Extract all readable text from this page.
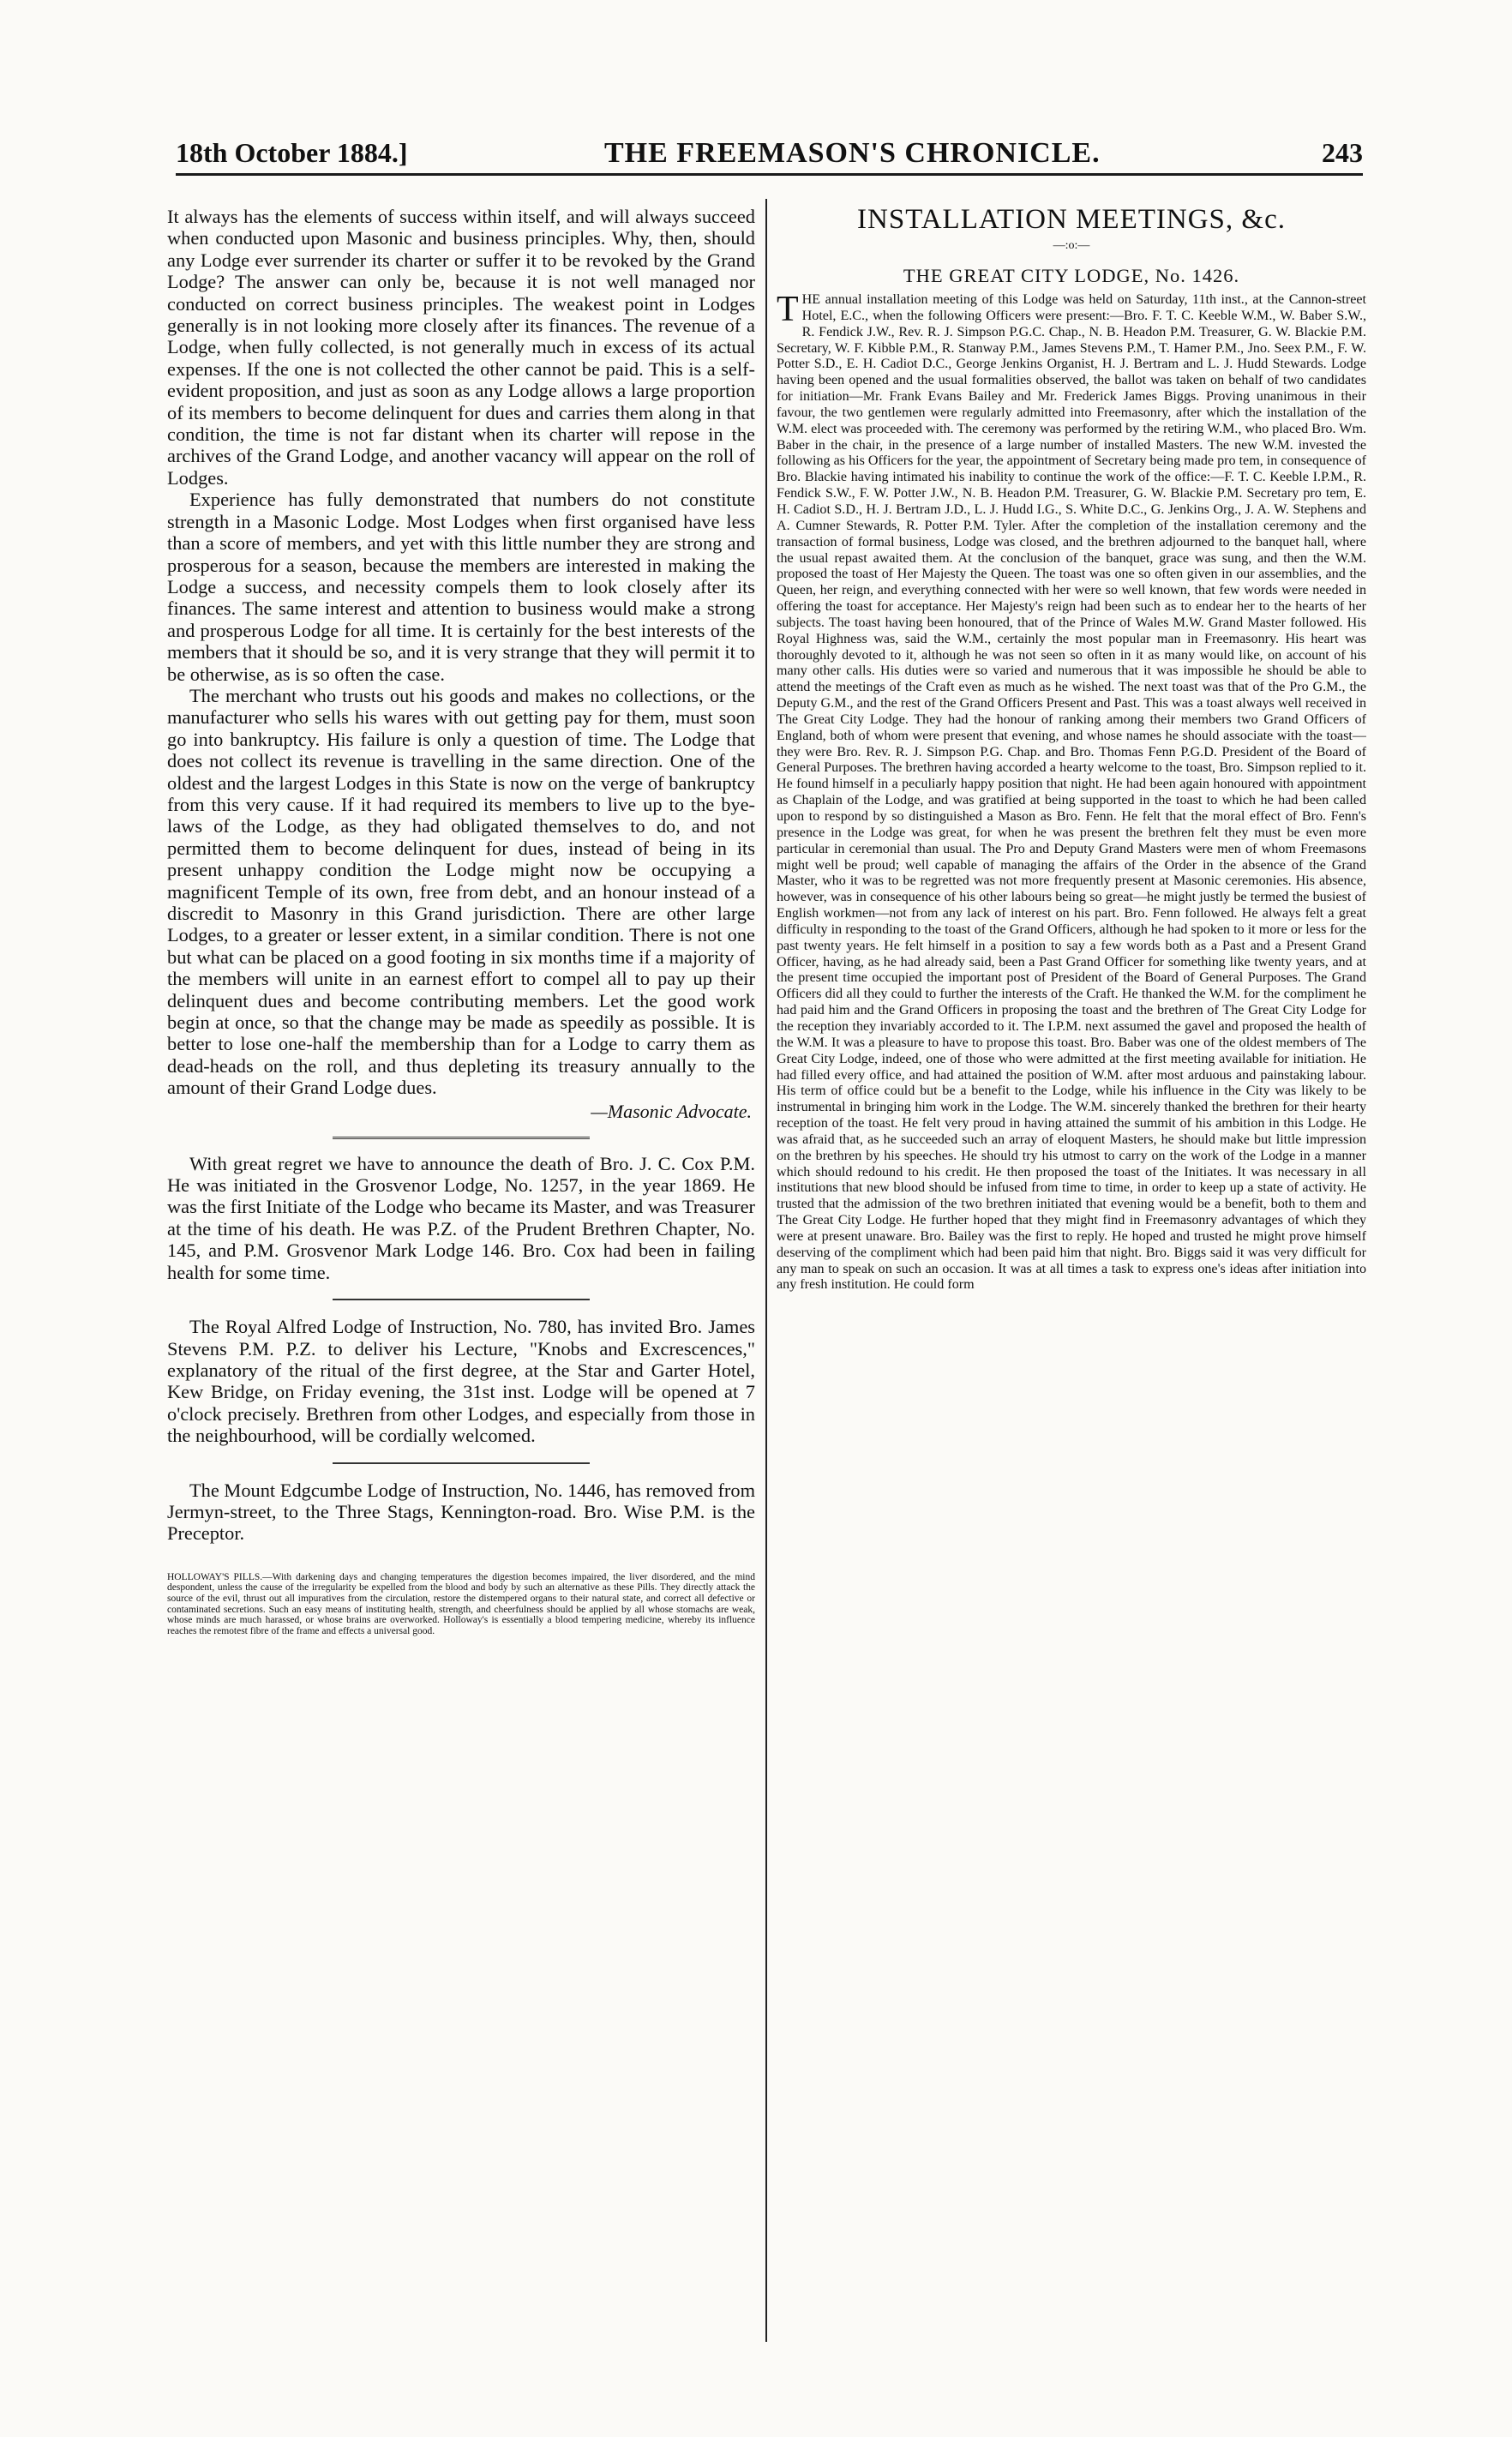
18th October 1884.]	THE FREEMASON'S CHRONICLE.	243

It always has the elements of success within itself, and will always succeed when conducted upon Masonic and business principles. Why, then, should any Lodge ever surrender its charter or suffer it to be revoked by the Grand Lodge? The answer can only be, because it is not well managed nor conducted on correct business principles. The weakest point in Lodges generally is in not looking more closely after its finances. The revenue of a Lodge, when fully collected, is not generally much in excess of its actual expenses. If the one is not collected the other cannot be paid. This is a self-evident proposition, and just as soon as any Lodge allows a large proportion of its members to become delinquent for dues and carries them along in that condition, the time is not far distant when its charter will repose in the archives of the Grand Lodge, and another vacancy will appear on the roll of Lodges.

Experience has fully demonstrated that numbers do not constitute strength in a Masonic Lodge. Most Lodges when first organised have less than a score of members, and yet with this little number they are strong and prosperous for a season, because the members are interested in making the Lodge a success, and necessity compels them to look closely after its finances. The same interest and attention to business would make a strong and prosperous Lodge for all time. It is certainly for the best interests of the members that it should be so, and it is very strange that they will permit it to be otherwise, as is so often the case.

The merchant who trusts out his goods and makes no collections, or the manufacturer who sells his wares with out getting pay for them, must soon go into bankruptcy. His failure is only a question of time. The Lodge that does not collect its revenue is travelling in the same direction. One of the oldest and the largest Lodges in this State is now on the verge of bankruptcy from this very cause. If it had required its members to live up to the bye-laws of the Lodge, as they had obligated themselves to do, and not permitted them to become delinquent for dues, instead of being in its present unhappy condition the Lodge might now be occupying a magnificent Temple of its own, free from debt, and an honour instead of a discredit to Masonry in this Grand jurisdiction. There are other large Lodges, to a greater or lesser extent, in a similar condition. There is not one but what can be placed on a good footing in six months time if a majority of the members will unite in an earnest effort to compel all to pay up their delinquent dues and become contributing members. Let the good work begin at once, so that the change may be made as speedily as possible. It is better to lose one-half the membership than for a Lodge to carry them as dead-heads on the roll, and thus depleting its treasury annually to the amount of their Grand Lodge dues.

—Masonic Advocate.

With great regret we have to announce the death of Bro. J. C. Cox P.M. He was initiated in the Grosvenor Lodge, No. 1257, in the year 1869. He was the first Initiate of the Lodge who became its Master, and was Treasurer at the time of his death. He was P.Z. of the Prudent Brethren Chapter, No. 145, and P.M. Grosvenor Mark Lodge 146. Bro. Cox had been in failing health for some time.

The Royal Alfred Lodge of Instruction, No. 780, has invited Bro. James Stevens P.M. P.Z. to deliver his Lecture, "Knobs and Excrescences," explanatory of the ritual of the first degree, at the Star and Garter Hotel, Kew Bridge, on Friday evening, the 31st inst. Lodge will be opened at 7 o'clock precisely. Brethren from other Lodges, and especially from those in the neighbourhood, will be cordially welcomed.

The Mount Edgcumbe Lodge of Instruction, No. 1446, has removed from Jermyn-street, to the Three Stags, Kennington-road. Bro. Wise P.M. is the Preceptor.

HOLLOWAY'S PILLS.—With darkening days and changing temperatures the digestion becomes impaired, the liver disordered, and the mind despondent, unless the cause of the irregularity be expelled from the blood and body by such an alternative as these Pills. They directly attack the source of the evil, thrust out all impuratives from the circulation, restore the distempered organs to their natural state, and correct all defective or contaminated secretions. Such an easy means of instituting health, strength, and cheerfulness should be applied by all whose stomachs are weak, whose minds are much harassed, or whose brains are overworked. Holloway's is essentially a blood tempering medicine, whereby its influence reaches the remotest fibre of the frame and effects a universal good.

INSTALLATION MEETINGS, &c.
—:o:—
THE GREAT CITY LODGE, No. 1426.

THE annual installation meeting of this Lodge was held on Saturday, 11th inst., at the Cannon-street Hotel, E.C., when the following Officers were present:—Bro. F. T. C. Keeble W.M., W. Baber S.W., R. Fendick J.W., Rev. R. J. Simpson P.G.C. Chap., N. B. Headon P.M. Treasurer, G. W. Blackie P.M. Secretary, W. F. Kibble P.M., R. Stanway P.M., James Stevens P.M., T. Hamer P.M., Jno. Seex P.M., F. W. Potter S.D., E. H. Cadiot D.C., George Jenkins Organist, H. J. Bertram and L. J. Hudd Stewards. Lodge having been opened and the usual formalities observed, the ballot was taken on behalf of two candidates for initiation—Mr. Frank Evans Bailey and Mr. Frederick James Biggs. Proving unanimous in their favour, the two gentlemen were regularly admitted into Freemasonry, after which the installation of the W.M. elect was proceeded with. The ceremony was performed by the retiring W.M., who placed Bro. Wm. Baber in the chair, in the presence of a large number of installed Masters. The new W.M. invested the following as his Officers for the year, the appointment of Secretary being made pro tem, in consequence of Bro. Blackie having intimated his inability to continue the work of the office:—F. T. C. Keeble I.P.M., R. Fendick S.W., F. W. Potter J.W., N. B. Headon P.M. Treasurer, G. W. Blackie P.M. Secretary pro tem, E. H. Cadiot S.D., H. J. Bertram J.D., L. J. Hudd I.G., S. White D.C., G. Jenkins Org., J. A. W. Stephens and A. Cumner Stewards, R. Potter P.M. Tyler. After the completion of the installation ceremony and the transaction of formal business, Lodge was closed, and the brethren adjourned to the banquet hall, where the usual repast awaited them. At the conclusion of the banquet, grace was sung, and then the W.M. proposed the toast of Her Majesty the Queen. The toast was one so often given in our assemblies, and the Queen, her reign, and everything connected with her were so well known, that few words were needed in offering the toast for acceptance. Her Majesty's reign had been such as to endear her to the hearts of her subjects. The toast having been honoured, that of the Prince of Wales M.W. Grand Master followed. His Royal Highness was, said the W.M., certainly the most popular man in Freemasonry. His heart was thoroughly devoted to it, although he was not seen so often in it as many would like, on account of his many other calls. His duties were so varied and numerous that it was impossible he should be able to attend the meetings of the Craft even as much as he wished. The next toast was that of the Pro G.M., the Deputy G.M., and the rest of the Grand Officers Present and Past. This was a toast always well received in The Great City Lodge. They had the honour of ranking among their members two Grand Officers of England, both of whom were present that evening, and whose names he should associate with the toast—they were Bro. Rev. R. J. Simpson P.G. Chap. and Bro. Thomas Fenn P.G.D. President of the Board of General Purposes. The brethren having accorded a hearty welcome to the toast, Bro. Simpson replied to it. He found himself in a peculiarly happy position that night. He had been again honoured with appointment as Chaplain of the Lodge, and was gratified at being supported in the toast to which he had been called upon to respond by so distinguished a Mason as Bro. Fenn. He felt that the moral effect of Bro. Fenn's presence in the Lodge was great, for when he was present the brethren felt they must be even more particular in ceremonial than usual. The Pro and Deputy Grand Masters were men of whom Freemasons might well be proud; well capable of managing the affairs of the Order in the absence of the Grand Master, who it was to be regretted was not more frequently present at Masonic ceremonies. His absence, however, was in consequence of his other labours being so great—he might justly be termed the busiest of English workmen—not from any lack of interest on his part. Bro. Fenn followed. He always felt a great difficulty in responding to the toast of the Grand Officers, although he had spoken to it more or less for the past twenty years. He felt himself in a position to say a few words both as a Past and a Present Grand Officer, having, as he had already said, been a Past Grand Officer for something like twenty years, and at the present time occupied the important post of President of the Board of General Purposes. The Grand Officers did all they could to further the interests of the Craft. He thanked the W.M. for the compliment he had paid him and the Grand Officers in proposing the toast and the brethren of The Great City Lodge for the reception they invariably accorded to it. The I.P.M. next assumed the gavel and proposed the health of the W.M. It was a pleasure to have to propose this toast. Bro. Baber was one of the oldest members of The Great City Lodge, indeed, one of those who were admitted at the first meeting available for initiation. He had filled every office, and had attained the position of W.M. after most arduous and painstaking labour. His term of office could but be a benefit to the Lodge, while his influence in the City was likely to be instrumental in bringing him work in the Lodge. The W.M. sincerely thanked the brethren for their hearty reception of the toast. He felt very proud in having attained the summit of his ambition in this Lodge. He was afraid that, as he succeeded such an array of eloquent Masters, he should make but little impression on the brethren by his speeches. He should try his utmost to carry on the work of the Lodge in a manner which should redound to his credit. He then proposed the toast of the Initiates. It was necessary in all institutions that new blood should be infused from time to time, in order to keep up a state of activity. He trusted that the admission of the two brethren initiated that evening would be a benefit, both to them and The Great City Lodge. He further hoped that they might find in Freemasonry advantages of which they were at present unaware. Bro. Bailey was the first to reply. He hoped and trusted he might prove himself deserving of the compliment which had been paid him that night. Bro. Biggs said it was very difficult for any man to speak on such an occasion. It was at all times a task to express one's ideas after initiation into any fresh institution. He could form
